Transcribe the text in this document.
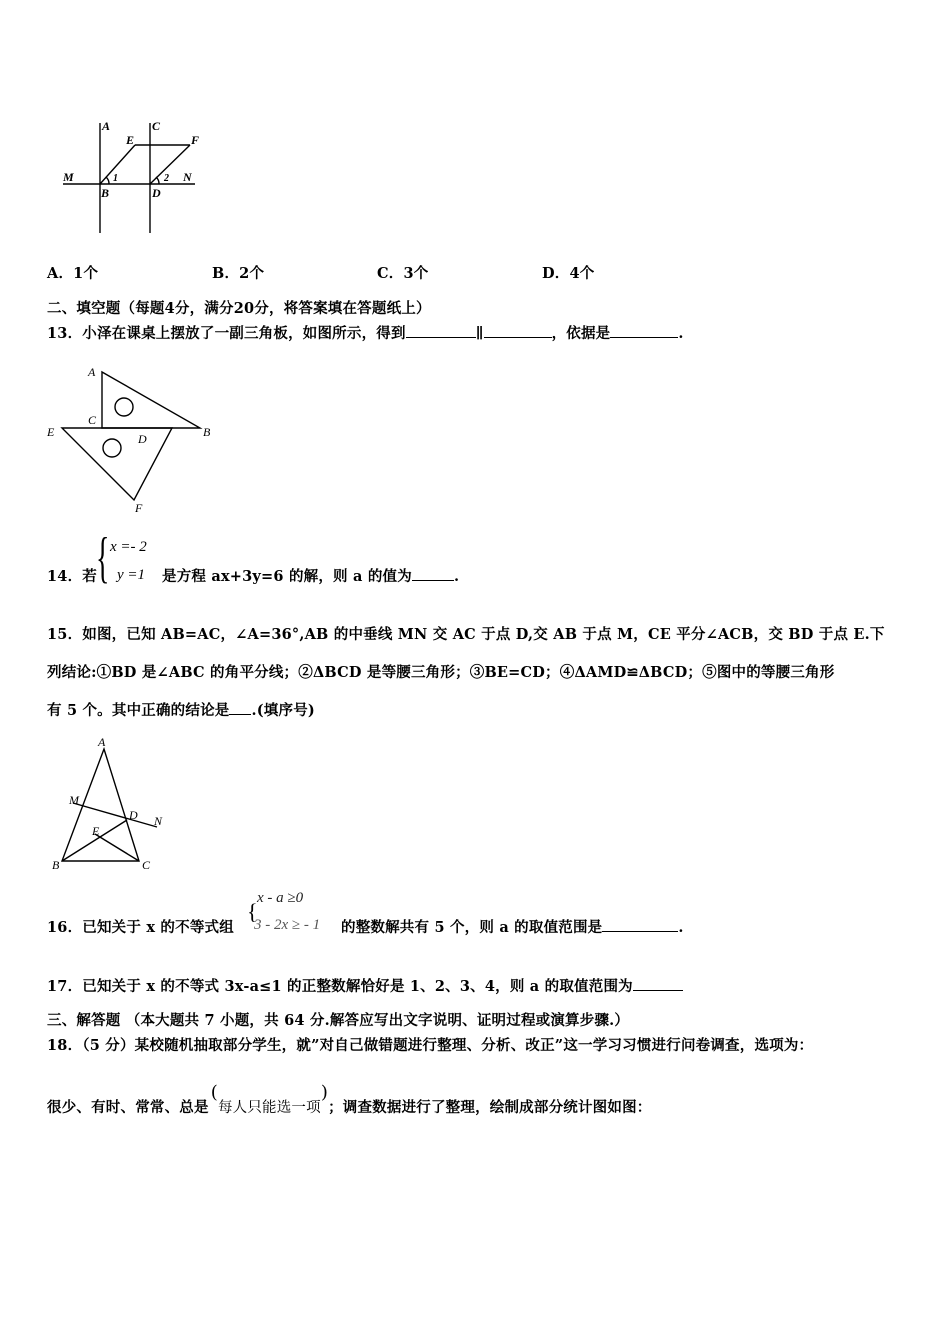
A	C
E	F
M	N
B	D
1	2
A．1个	B．2个	C．3个	D．4个
二、填空题（每题4分，满分20分，将答案填在答题纸上）
13．小泽在课桌上摆放了一副三角板，如图所示，得到	∥	，依据是	.
A
C
E	D	B
F
14．若 { x =- 2
y =1 是方程 ax+3y=6 的解，则 a 的值为	.
15．如图，已知 AB=AC，∠A=36°,AB 的中垂线 MN 交 AC 于点 D,交 AB 于点 M，CE 平分∠ACB，交 BD 于点 E.下
列结论:①BD 是∠ABC 的角平分线；②ΔBCD 是等腰三角形；③BE=CD；④ΔAMD≌ΔBCD；⑤图中的等腰三角形
有 5 个。其中正确的结论是 .(填序号)
A
M
D N
E
B	C
16．已知关于 x 的不等式组
{
x - a ≥0
3 - 2x ≥ - 1 的整数解共有 5 个，则 a 的取值范围是	.
17．已知关于 x 的不等式 3x-a≤1 的正整数解恰好是 1、2、3、4，则 a 的取值范围为
三、解答题 （本大题共 7 小题，共 64 分.解答应写出文字说明、证明过程或演算步骤.）
18．（5 分）某校随机抽取部分学生，就”对自己做错题进行整理、分析、改正”这一学习习惯进行问卷调查，选项为：
很少、有时、常常、总是(每人只能选一项)；调查数据进行了整理，绘制成部分统计图如图：
